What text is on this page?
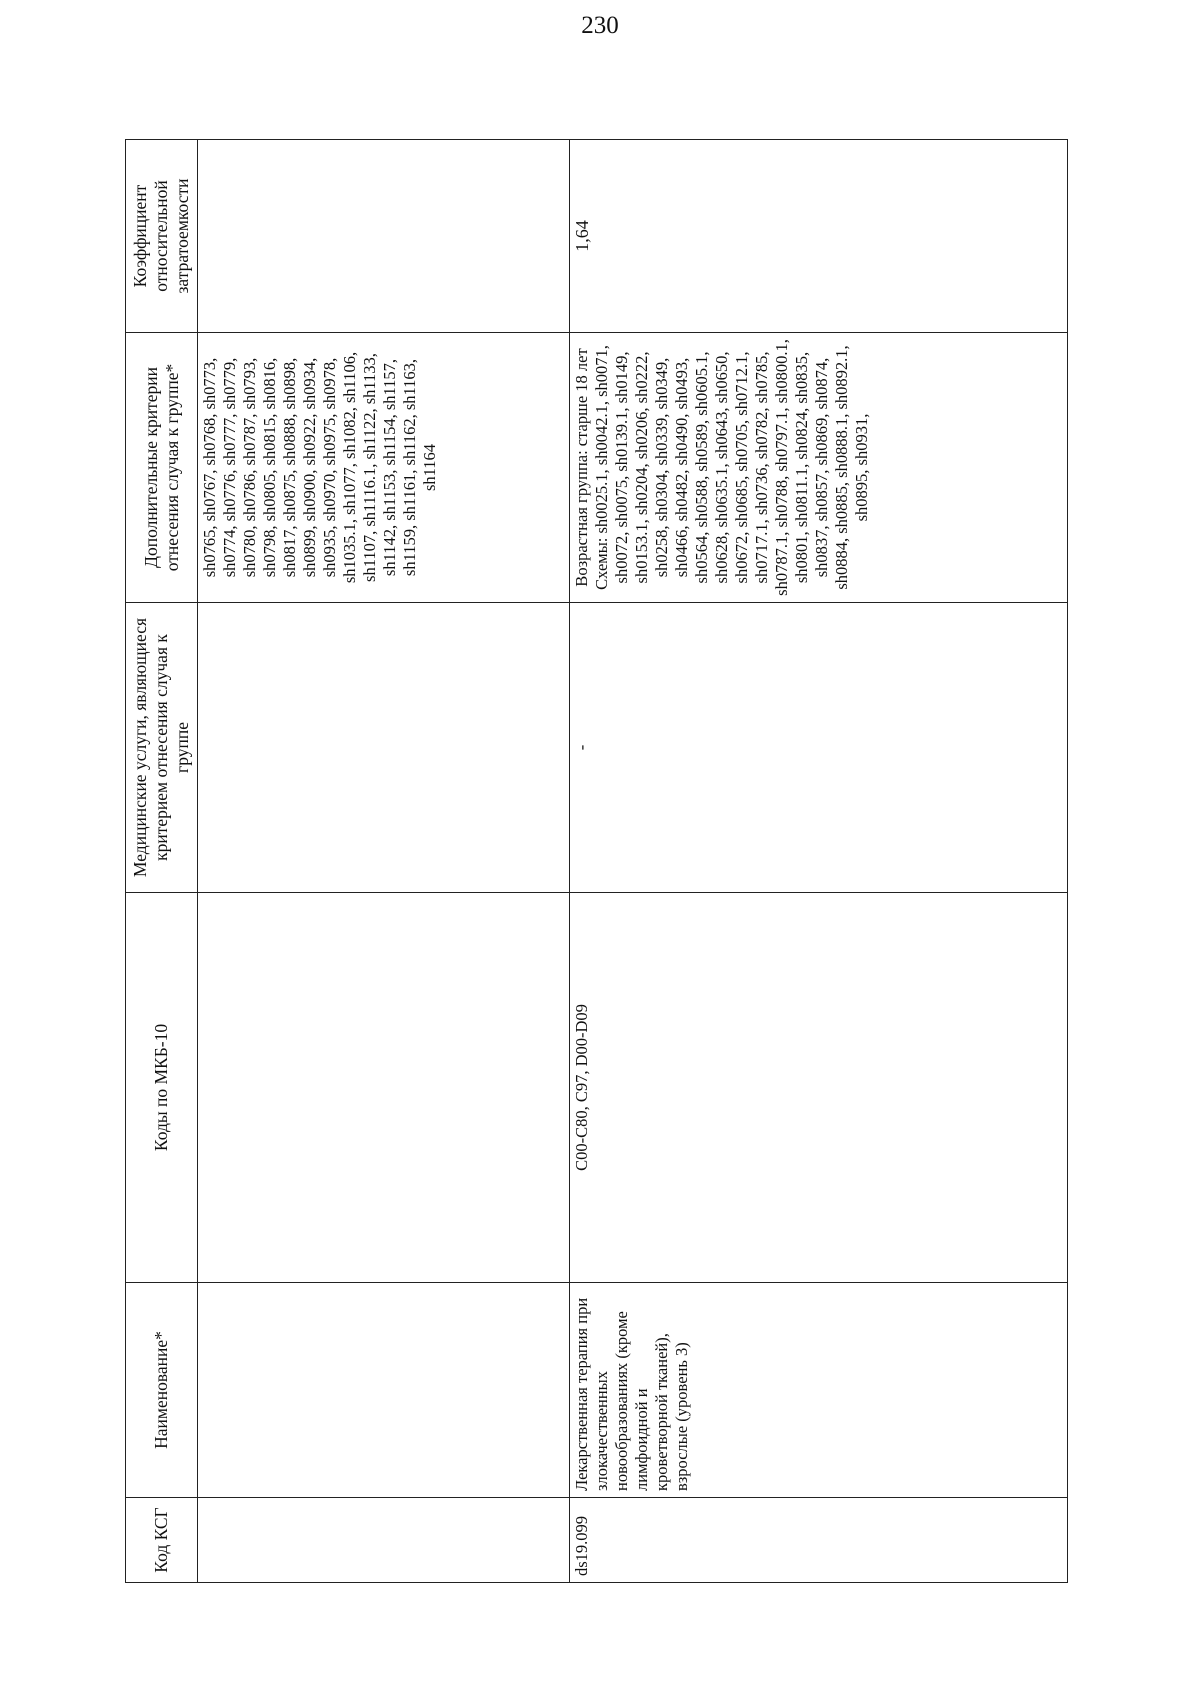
230
Код КСГ	Наименование*	Коды по МКБ-10	Медицинские услуги, являющиеся критерием отнесения случая к группе	Дополнительные критерии отнесения случая к группе*	Коэффициент относительной затратоемкости
				sh0765, sh0767, sh0768, sh0773, sh0774, sh0776, sh0777, sh0779, sh0780, sh0786, sh0787, sh0793, sh0798, sh0805, sh0815, sh0816, sh0817, sh0875, sh0888, sh0898, sh0899, sh0900, sh0922, sh0934, sh0935, sh0970, sh0975, sh0978, sh1035.1, sh1077, sh1082, sh1106, sh1107, sh1116.1, sh1122, sh1133, sh1142, sh1153, sh1154, sh1157, sh1159, sh1161, sh1162, sh1163, sh1164	
ds19.099	Лекарственная терапия при злокачественных новообразованиях (кроме лимфоидной и кроветворной тканей), взрослые (уровень 3)	C00-C80, C97, D00-D09	-	Возрастная группа: старше 18 лет Схемы: sh0025.1, sh0042.1, sh0071, sh0072, sh0075, sh0139.1, sh0149, sh0153.1, sh0204, sh0206, sh0222, sh0258, sh0304, sh0339, sh0349, sh0466, sh0482, sh0490, sh0493, sh0564, sh0588, sh0589, sh0605.1, sh0628, sh0635.1, sh0643, sh0650, sh0672, sh0685, sh0705, sh0712.1, sh0717.1, sh0736, sh0782, sh0785, sh0787.1, sh0788, sh0797.1, sh0800.1, sh0801, sh0811.1, sh0824, sh0835, sh0837, sh0857, sh0869, sh0874, sh0884, sh0885, sh0888.1, sh0892.1, sh0895, sh0931,	1,64
